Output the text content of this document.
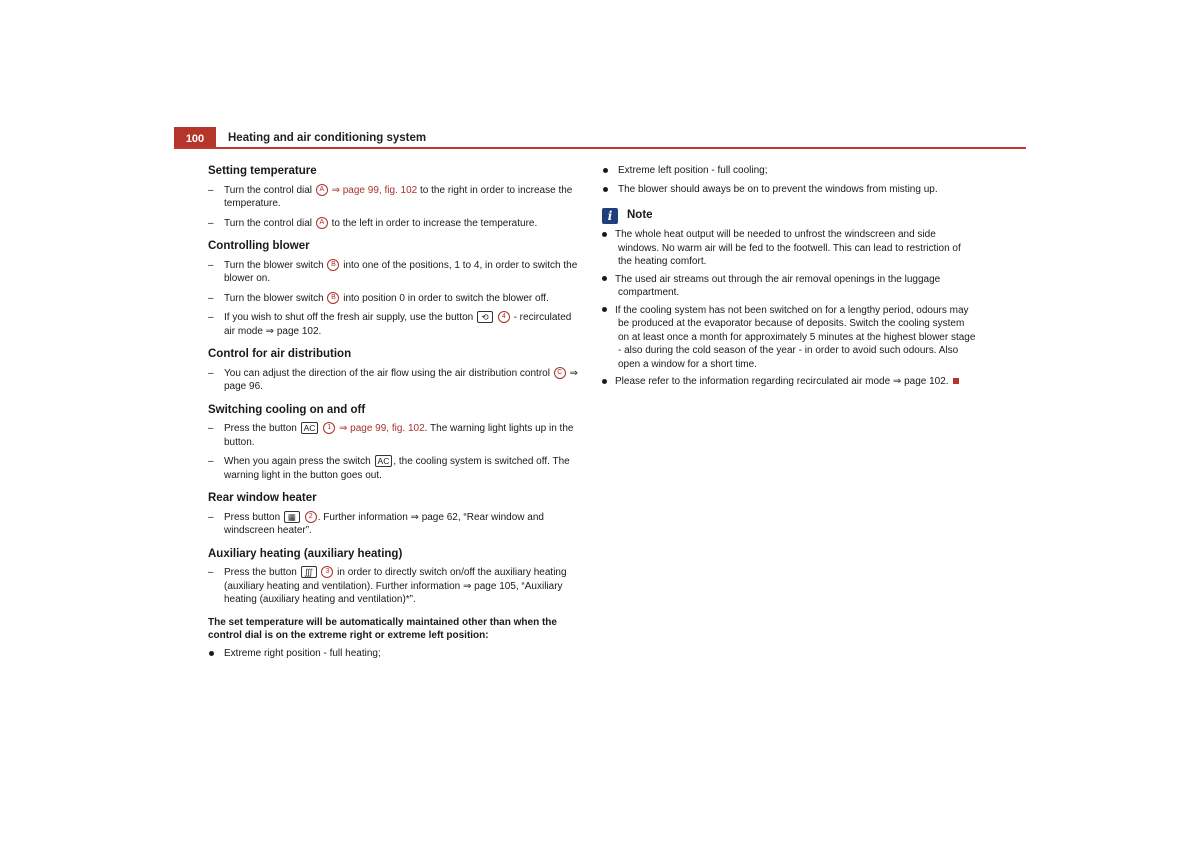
100	Heating and air conditioning system
Setting temperature
– Turn the control dial A ⇒ page 99, fig. 102 to the right in order to increase the temperature.
– Turn the control dial A to the left in order to increase the temperature.
Controlling blower
– Turn the blower switch B into one of the positions, 1 to 4, in order to switch the blower on.
– Turn the blower switch B into position 0 in order to switch the blower off.
– If you wish to shut off the fresh air supply, use the button ⟲ 4 - recirculated air mode ⇒ page 102.
Control for air distribution
– You can adjust the direction of the air flow using the air distribution control C ⇒ page 96.
Switching cooling on and off
– Press the button AC 1 ⇒ page 99, fig. 102. The warning light lights up in the button.
– When you again press the switch AC , the cooling system is switched off. The warning light in the button goes out.
Rear window heater
– Press button ▦ 2 . Further information ⇒ page 62, “Rear window and windscreen heater”.
Auxiliary heating (auxiliary heating)
– Press the button ∭ 3 in order to directly switch on/off the auxiliary heating (auxiliary heating and ventilation). Further information ⇒ page 105, “Auxiliary heating (auxiliary heating and ventilation)*”.
The set temperature will be automatically maintained other than when the control dial is on the extreme right or extreme left position:
Extreme right position - full heating;
Extreme left position - full cooling;
The blower should aways be on to prevent the windows from misting up.
i	Note
The whole heat output will be needed to unfrost the windscreen and side windows. No warm air will be fed to the footwell. This can lead to restriction of the heating comfort.
The used air streams out through the air removal openings in the luggage compartment.
If the cooling system has not been switched on for a lengthy period, odours may be produced at the evaporator because of deposits. Switch the cooling system on at least once a month for approximately 5 minutes at the highest blower stage - also during the cold season of the year - in order to avoid such odours. Also open a window for a short time.
Please refer to the information regarding recirculated air mode ⇒ page 102.
